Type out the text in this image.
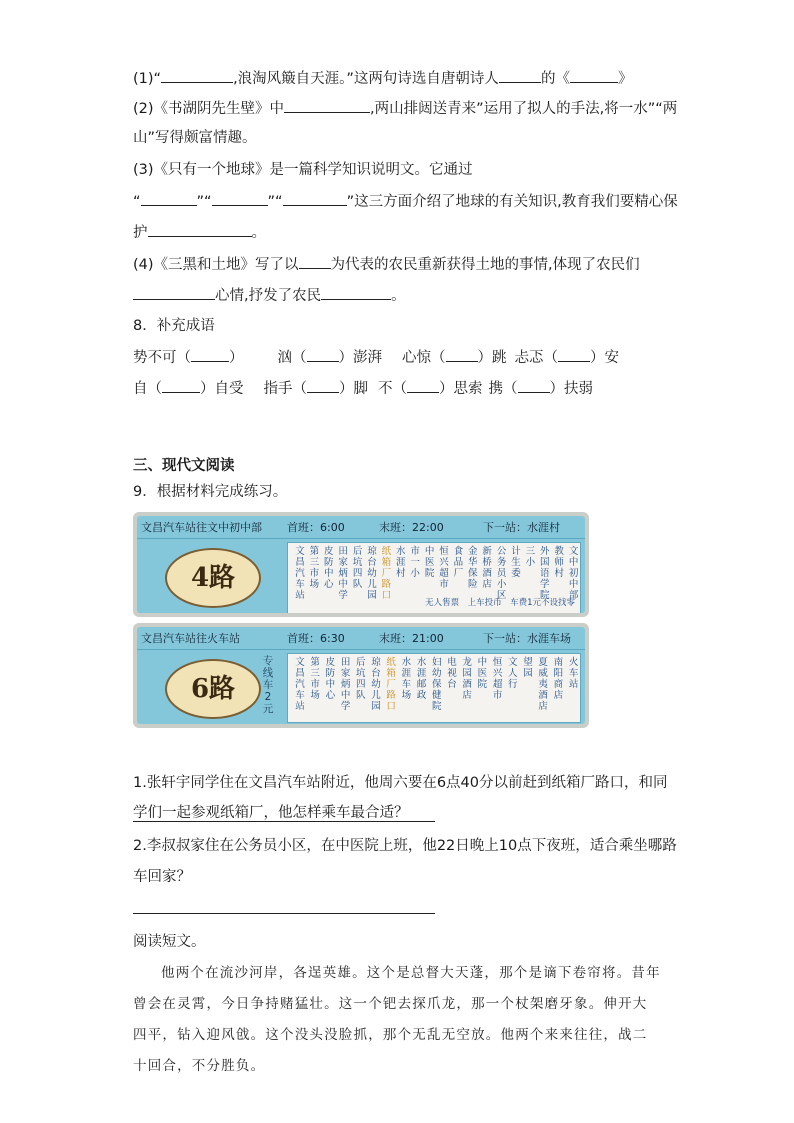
(1)“	,浪淘风簸自天涯。”这两句诗选自唐朝诗人	的《	》
(2)《书湖阴先生壁》中	,两山排闼送青来”运用了拟人的手法,将一水”“两
山”写得颇富情趣。
(3)《只有一个地球》是一篇科学知识说明文。它通过
“	”“	”“	”这三方面介绍了地球的有关知识,教育我们要精心保
护	。
(4)《三黑和土地》写了以 为代表的农民重新获得土地的事情,体现了农民们
心情,抒发了农民	。
8．补充成语
势不可（	） 汹（ ）澎湃 心惊（ ）跳 忐忑（ ）安
自（	）自受 指手（ ）脚 不（ ）思索 携（ ）扶弱
三、现代文阅读
9．根据材料完成练习。
文昌汽车站往文中初中部 首班：6:00	末班：22:00	下一站：水涯村
4路
文昌汽车站
第三市场
皮防中心
田家炳中学
后坑四队
琼台幼儿园
纸箱厂路口
水涯村
市一小
中医院
恒兴超市
食品厂
金华保险
新桥酒店
公务员小区
计生委
三小
外国语学院
教师村
文中初中部
无人售票　上车投币　车费1元不设找零
文昌汽车站往火车站	首班：6:30	末班：21:00	下一站：水涯车场
6路
专线车2元
文昌汽车站
第三市场
皮防中心
田家炳中学
后坑四队
琼台幼儿园
纸箱厂路口
水涯车场
水涯邮政
妇幼保健院
电视台
龙园酒店
中医院
恒兴超市
文人行
望园
夏威夷酒店
南阳商店
火车站
1.张轩宇同学住在文昌汽车站附近，他周六要在6点40分以前赶到纸箱厂路口，和同
学们一起参观纸箱厂，他怎样乘车最合适？
2.李叔叔家住在公务员小区，在中医院上班，他22日晚上10点下夜班，适合乘坐哪路
车回家？
阅读短文。
他两个在流沙河岸，各逞英雄。这个是总督大天蓬，那个是谪下卷帘将。昔年曾会在灵霄，今日争持赌猛壮。这一个钯去探爪龙，那一个杖架磨牙象。伸开大四平，钻入迎风戗。这个没头没脸抓，那个无乱无空放。他两个来来往往，战二十回合，不分胜负。
